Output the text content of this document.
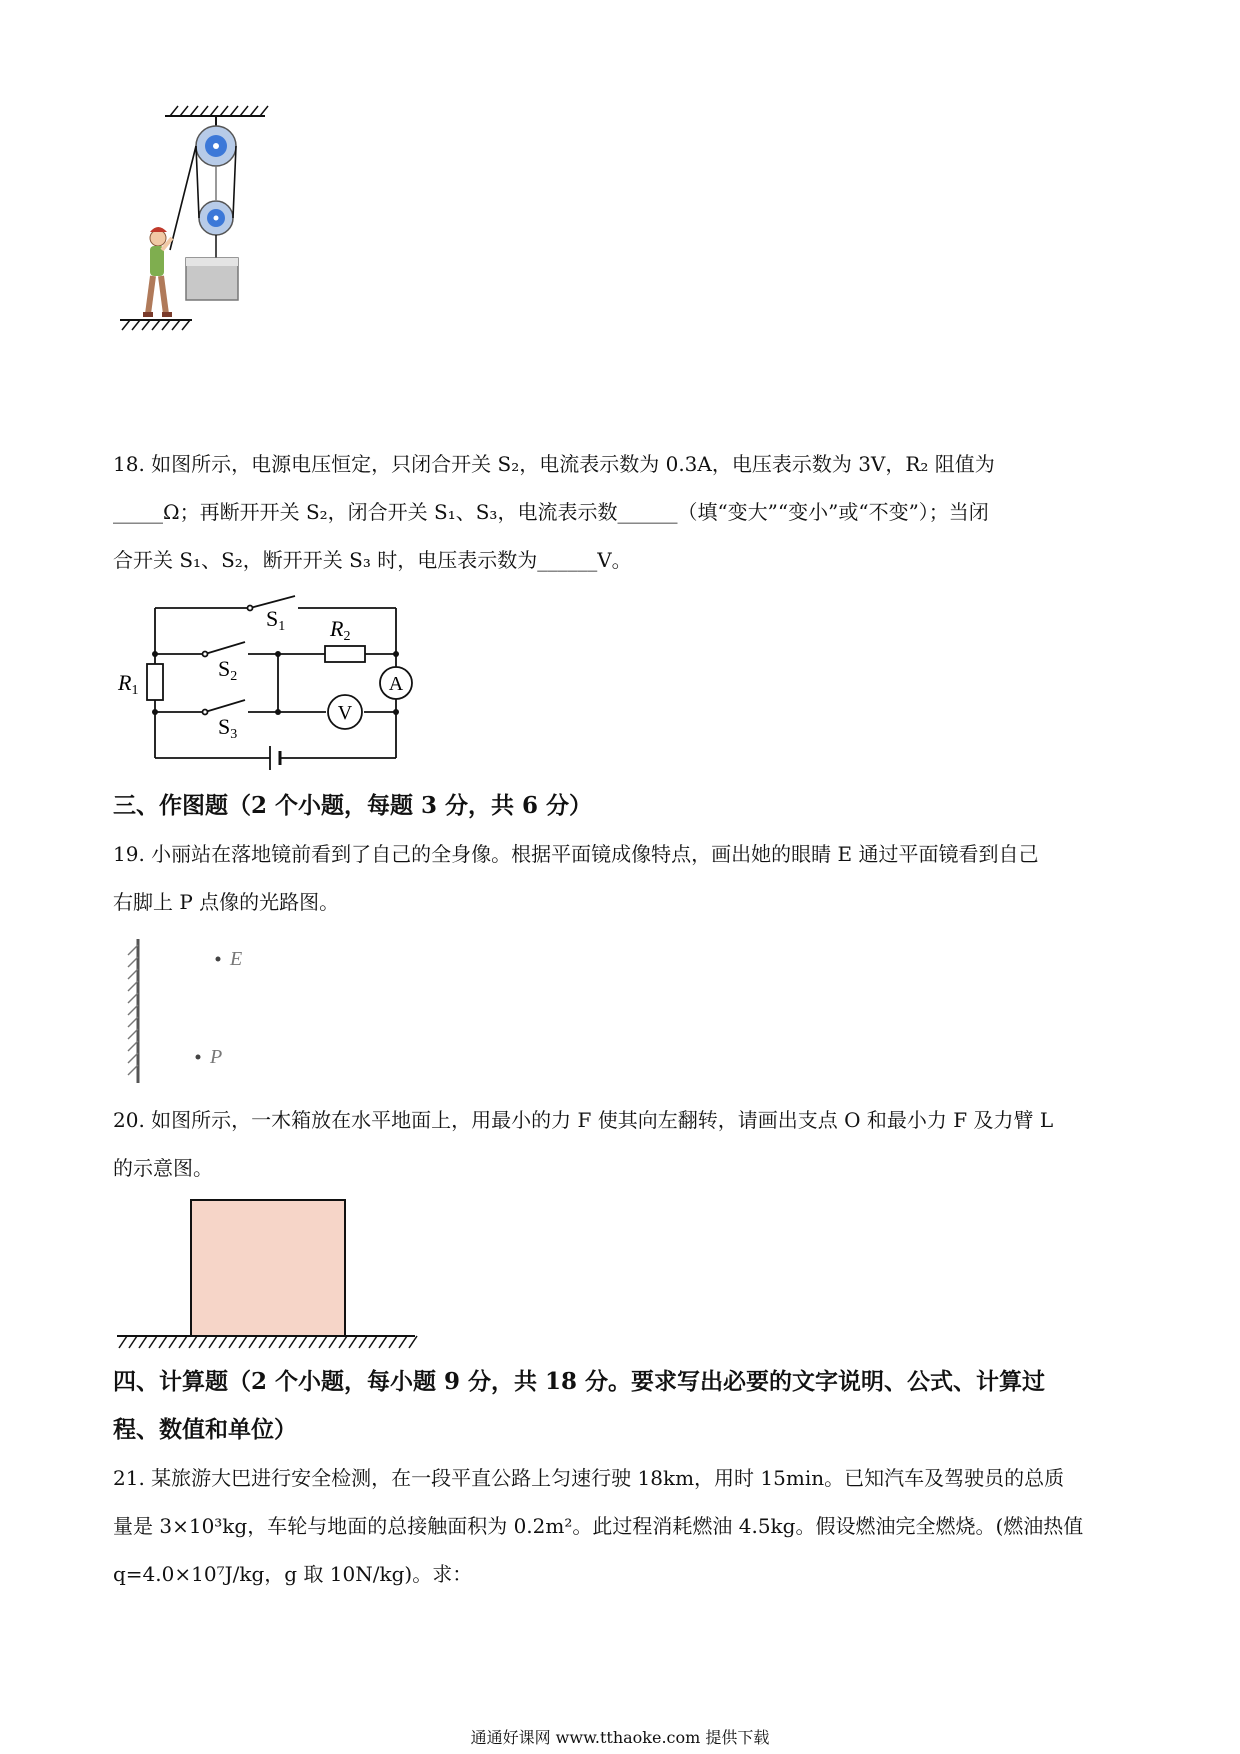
18. 如图所示，电源电压恒定，只闭合开关 S₂，电流表示数为 0.3A，电压表示数为 3V，R₂ 阻值为

_____Ω；再断开开关 S₂，闭合开关 S₁、S₃，电流表示数______（填“变大”“变小”或“不变”）；当闭

合开关 S₁、S₂，断开开关 S₃ 时，电压表示数为______V。

A
V
S1
S2
S3
R1
R2

三、作图题（2 个小题，每题 3 分，共 6 分）

19. 小丽站在落地镜前看到了自己的全身像。根据平面镜成像特点，画出她的眼睛 E 通过平面镜看到自己

右脚上 P 点像的光路图。

E
P

20. 如图所示，一木箱放在水平地面上，用最小的力 F 使其向左翻转，请画出支点 O 和最小力 F 及力臂 L

的示意图。

四、计算题（2 个小题，每小题 9 分，共 18 分。要求写出必要的文字说明、公式、计算过

程、数值和单位）

21. 某旅游大巴进行安全检测，在一段平直公路上匀速行驶 18km，用时 15min。已知汽车及驾驶员的总质

量是 3×10³kg，车轮与地面的总接触面积为 0.2m²。此过程消耗燃油 4.5kg。假设燃油完全燃烧。(燃油热值

q=4.0×10⁷J/kg，g 取 10N/kg)。求：

通通好课网 www.tthaoke.com 提供下载
